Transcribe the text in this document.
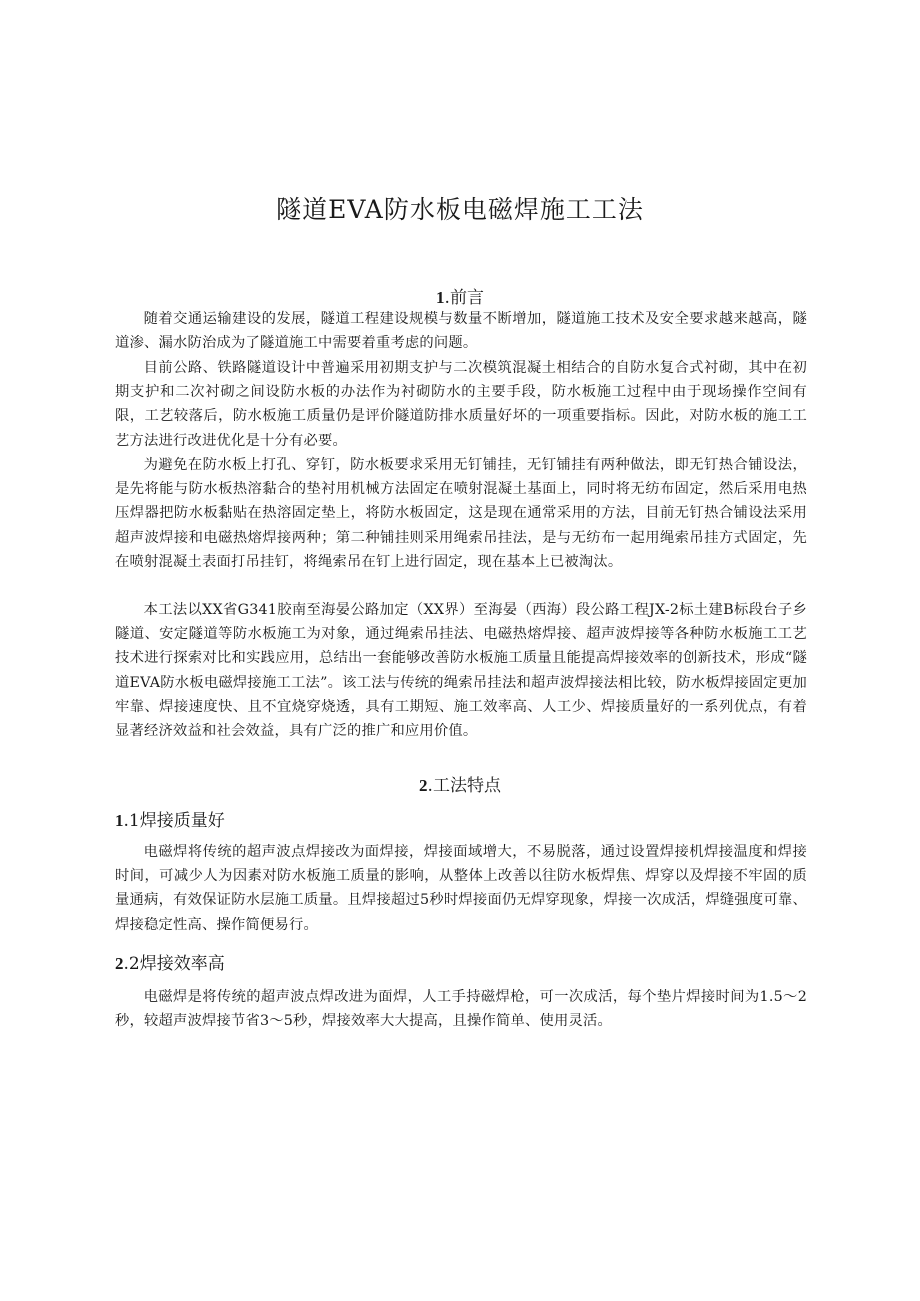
隧道EVA防水板电磁焊施工工法
1.前言

随着交通运输建设的发展，隧道工程建设规模与数量不断增加，隧道施工技术及安全要求越来越高，隧道渗、漏水防治成为了隧道施工中需要着重考虑的问题。

目前公路、铁路隧道设计中普遍采用初期支护与二次模筑混凝土相结合的自防水复合式衬砌，其中在初期支护和二次衬砌之间设防水板的办法作为衬砌防水的主要手段，防水板施工过程中由于现场操作空间有限，工艺较落后，防水板施工质量仍是评价隧道防排水质量好坏的一项重要指标。因此，对防水板的施工工艺方法进行改进优化是十分有必要。

为避免在防水板上打孔、穿钉，防水板要求采用无钉铺挂，无钉铺挂有两种做法，即无钉热合铺设法，是先将能与防水板热溶黏合的垫衬用机械方法固定在喷射混凝土基面上，同时将无纺布固定，然后采用电热压焊器把防水板黏贴在热溶固定垫上，将防水板固定，这是现在通常采用的方法，目前无钉热合铺设法采用超声波焊接和电磁热熔焊接两种；第二种铺挂则采用绳索吊挂法，是与无纺布一起用绳索吊挂方式固定，先在喷射混凝土表面打吊挂钉，将绳索吊在钉上进行固定，现在基本上已被淘汰。

本工法以XX省G341胶南至海晏公路加定（XX界）至海晏（西海）段公路工程JX-2标土建B标段台子乡隧道、安定隧道等防水板施工为对象，通过绳索吊挂法、电磁热熔焊接、超声波焊接等各种防水板施工工艺技术进行探索对比和实践应用，总结出一套能够改善防水板施工质量且能提高焊接效率的创新技术，形成“隧道EVA防水板电磁焊接施工工法”。该工法与传统的绳索吊挂法和超声波焊接法相比较，防水板焊接固定更加牢靠、焊接速度快、且不宜烧穿烧透，具有工期短、施工效率高、人工少、焊接质量好的一系列优点，有着显著经济效益和社会效益，具有广泛的推广和应用价值。

2.工法特点
1.1焊接质量好

电磁焊将传统的超声波点焊接改为面焊接，焊接面域增大，不易脱落，通过设置焊接机焊接温度和焊接时间，可减少人为因素对防水板施工质量的影响，从整体上改善以往防水板焊焦、焊穿以及焊接不牢固的质量通病，有效保证防水层施工质量。且焊接超过5秒时焊接面仍无焊穿现象，焊接一次成活，焊缝强度可靠、焊接稳定性高、操作简便易行。

2.2焊接效率高

电磁焊是将传统的超声波点焊改进为面焊，人工手持磁焊枪，可一次成活，每个垫片焊接时间为1.5～2秒，较超声波焊接节省3～5秒，焊接效率大大提高，且操作简单、使用灵活。
